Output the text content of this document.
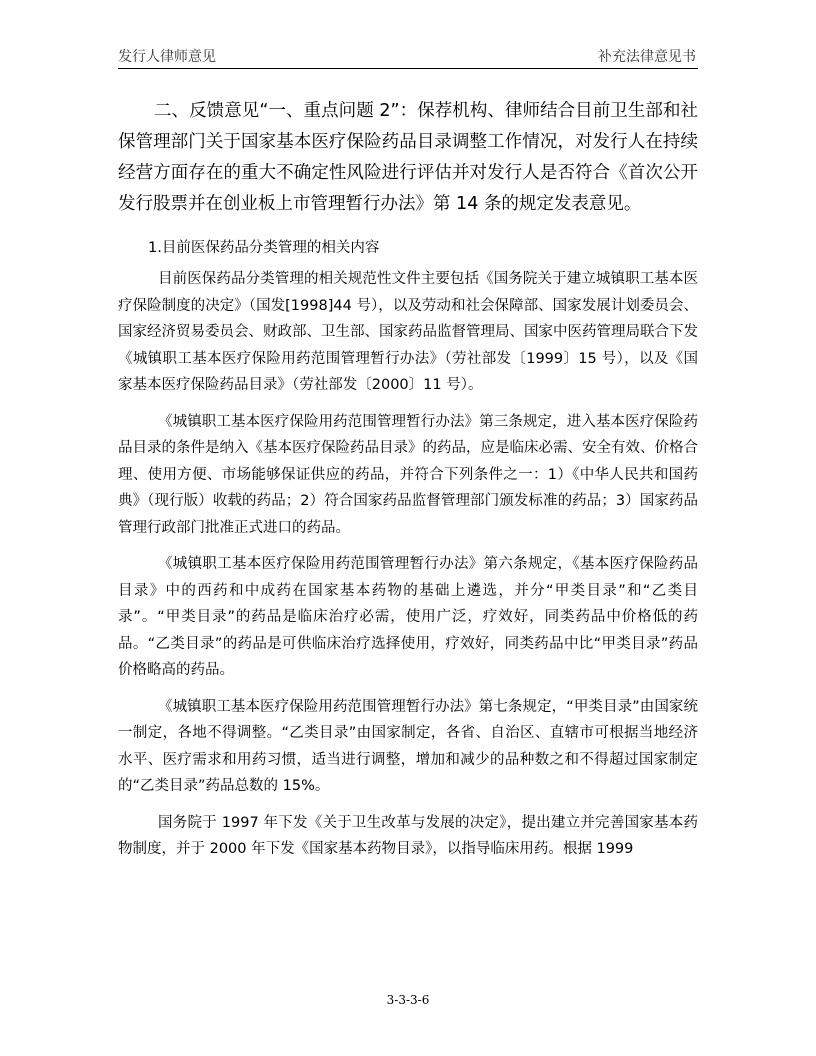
发行人律师意见	补充法律意见书

二、反馈意见“一、重点问题 2”：保荐机构、律师结合目前卫生部和社保管理部门关于国家基本医疗保险药品目录调整工作情况，对发行人在持续经营方面存在的重大不确定性风险进行评估并对发行人是否符合《首次公开发行股票并在创业板上市管理暂行办法》第 14 条的规定发表意见。

1.目前医保药品分类管理的相关内容

目前医保药品分类管理的相关规范性文件主要包括《国务院关于建立城镇职工基本医疗保险制度的决定》（国发[1998]44 号），以及劳动和社会保障部、国家发展计划委员会、国家经济贸易委员会、财政部、卫生部、国家药品监督管理局、国家中医药管理局联合下发《城镇职工基本医疗保险用药范围管理暂行办法》（劳社部发〔1999〕15 号），以及《国家基本医疗保险药品目录》（劳社部发〔2000〕11 号）。

《城镇职工基本医疗保险用药范围管理暂行办法》第三条规定，进入基本医疗保险药品目录的条件是纳入《基本医疗保险药品目录》的药品，应是临床必需、安全有效、价格合理、使用方便、市场能够保证供应的药品，并符合下列条件之一：1）《中华人民共和国药典》（现行版）收载的药品；2）符合国家药品监督管理部门颁发标准的药品；3）国家药品管理行政部门批准正式进口的药品。

《城镇职工基本医疗保险用药范围管理暂行办法》第六条规定，《基本医疗保险药品目录》中的西药和中成药在国家基本药物的基础上遴选，并分“甲类目录”和“乙类目录”。“甲类目录”的药品是临床治疗必需，使用广泛，疗效好，同类药品中价格低的药品。“乙类目录”的药品是可供临床治疗选择使用，疗效好，同类药品中比“甲类目录”药品价格略高的药品。

《城镇职工基本医疗保险用药范围管理暂行办法》第七条规定，“甲类目录”由国家统一制定，各地不得调整。“乙类目录”由国家制定，各省、自治区、直辖市可根据当地经济水平、医疗需求和用药习惯，适当进行调整，增加和减少的品种数之和不得超过国家制定的“乙类目录”药品总数的 15%。

国务院于 1997 年下发《关于卫生改革与发展的决定》，提出建立并完善国家基本药物制度，并于 2000 年下发《国家基本药物目录》，以指导临床用药。根据 1999

3-3-3-6
